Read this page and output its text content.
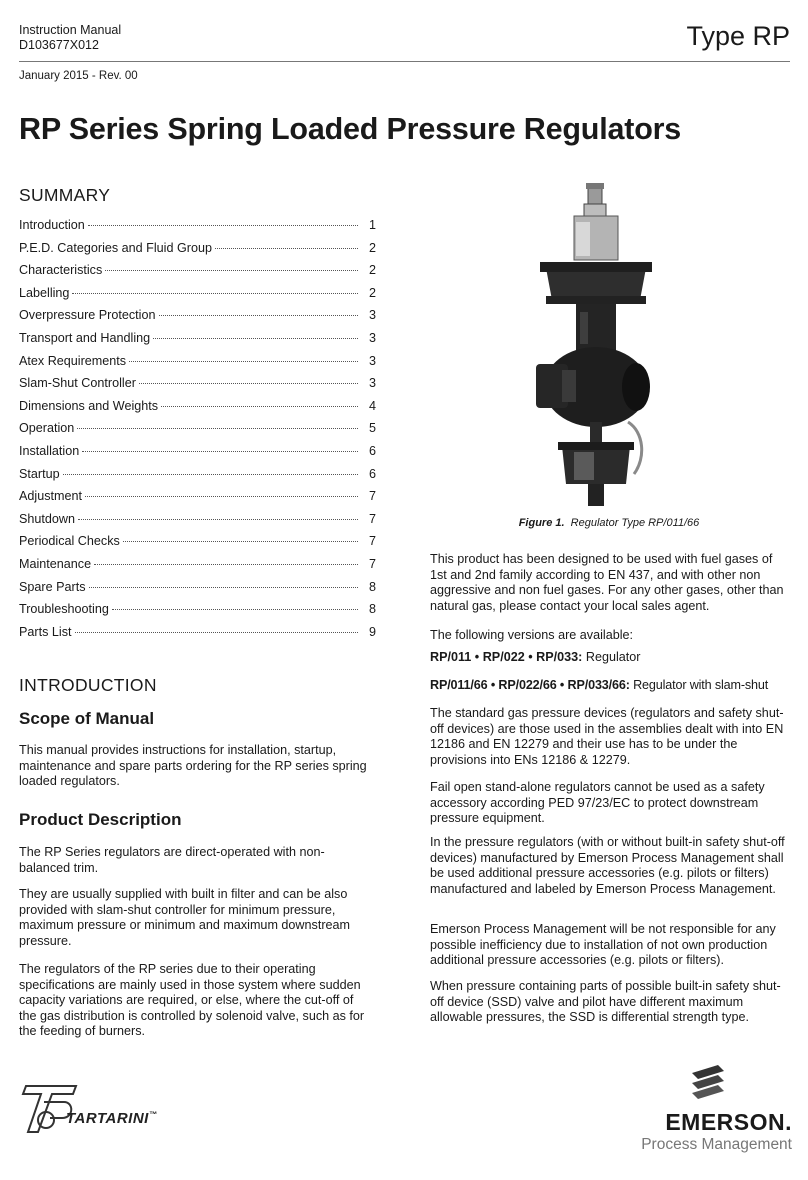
Instruction Manual
D103677X012	Type RP
January 2015 - Rev. 00
RP Series Spring Loaded Pressure Regulators
SUMMARY
Introduction	1
P.E.D. Categories and Fluid Group	2
Characteristics	2
Labelling	2
Overpressure Protection	3
Transport and Handling	3
Atex Requirements	3
Slam-Shut Controller	3
Dimensions and Weights	4
Operation	5
Installation	6
Startup	6
Adjustment	7
Shutdown	7
Periodical Checks	7
Maintenance	7
Spare Parts	8
Troubleshooting	8
Parts List	9
INTRODUCTION
Scope of Manual

This manual provides instructions for installation, startup, maintenance and spare parts ordering for the RP series spring loaded regulators.

Product Description

The RP Series regulators are direct-operated with non-balanced trim.

They are usually supplied with built in filter and can be also provided with slam-shut controller for minimum pressure, maximum pressure or minimum and maximum downstream pressure.

The regulators of the RP series due to their operating specifications are mainly used in those system where sudden capacity variations are required, or else, where the cut-off of the gas distribution is controlled by solenoid valve, such as for the feeding of burners.

Figure 1. Regulator Type RP/011/66

This product has been designed to be used with fuel gases of 1st and 2nd family according to EN 437, and with other non aggressive and non fuel gases. For any other gases, other than natural gas, please contact your local sales agent.

The following versions are available:

RP/011 • RP/022 • RP/033: Regulator

RP/011/66 • RP/022/66 • RP/033/66: Regulator with slam-shut

The standard gas pressure devices (regulators and safety shut-off devices) are those used in the assemblies dealt with into EN 12186 and EN 12279 and their use has to be under the provisions into ENs 12186 & 12279.

Fail open stand-alone regulators cannot be used as a safety accessory according PED 97/23/EC to protect downstream pressure equipment.

In the pressure regulators (with or without built-in safety shut-off devices) manufactured by Emerson Process Management shall be used additional pressure accessories (e.g. pilots or filters) manufactured and labeled by Emerson Process Management.

Emerson Process Management will be not responsible for any possible inefficiency due to installation of not own production additional pressure accessories (e.g. pilots or filters).

When pressure containing parts of possible built-in safety shut-off device (SSD) valve and pilot have different maximum allowable pressures, the SSD is differential strength type.

TARTARINI™	EMERSON.
Process Management
